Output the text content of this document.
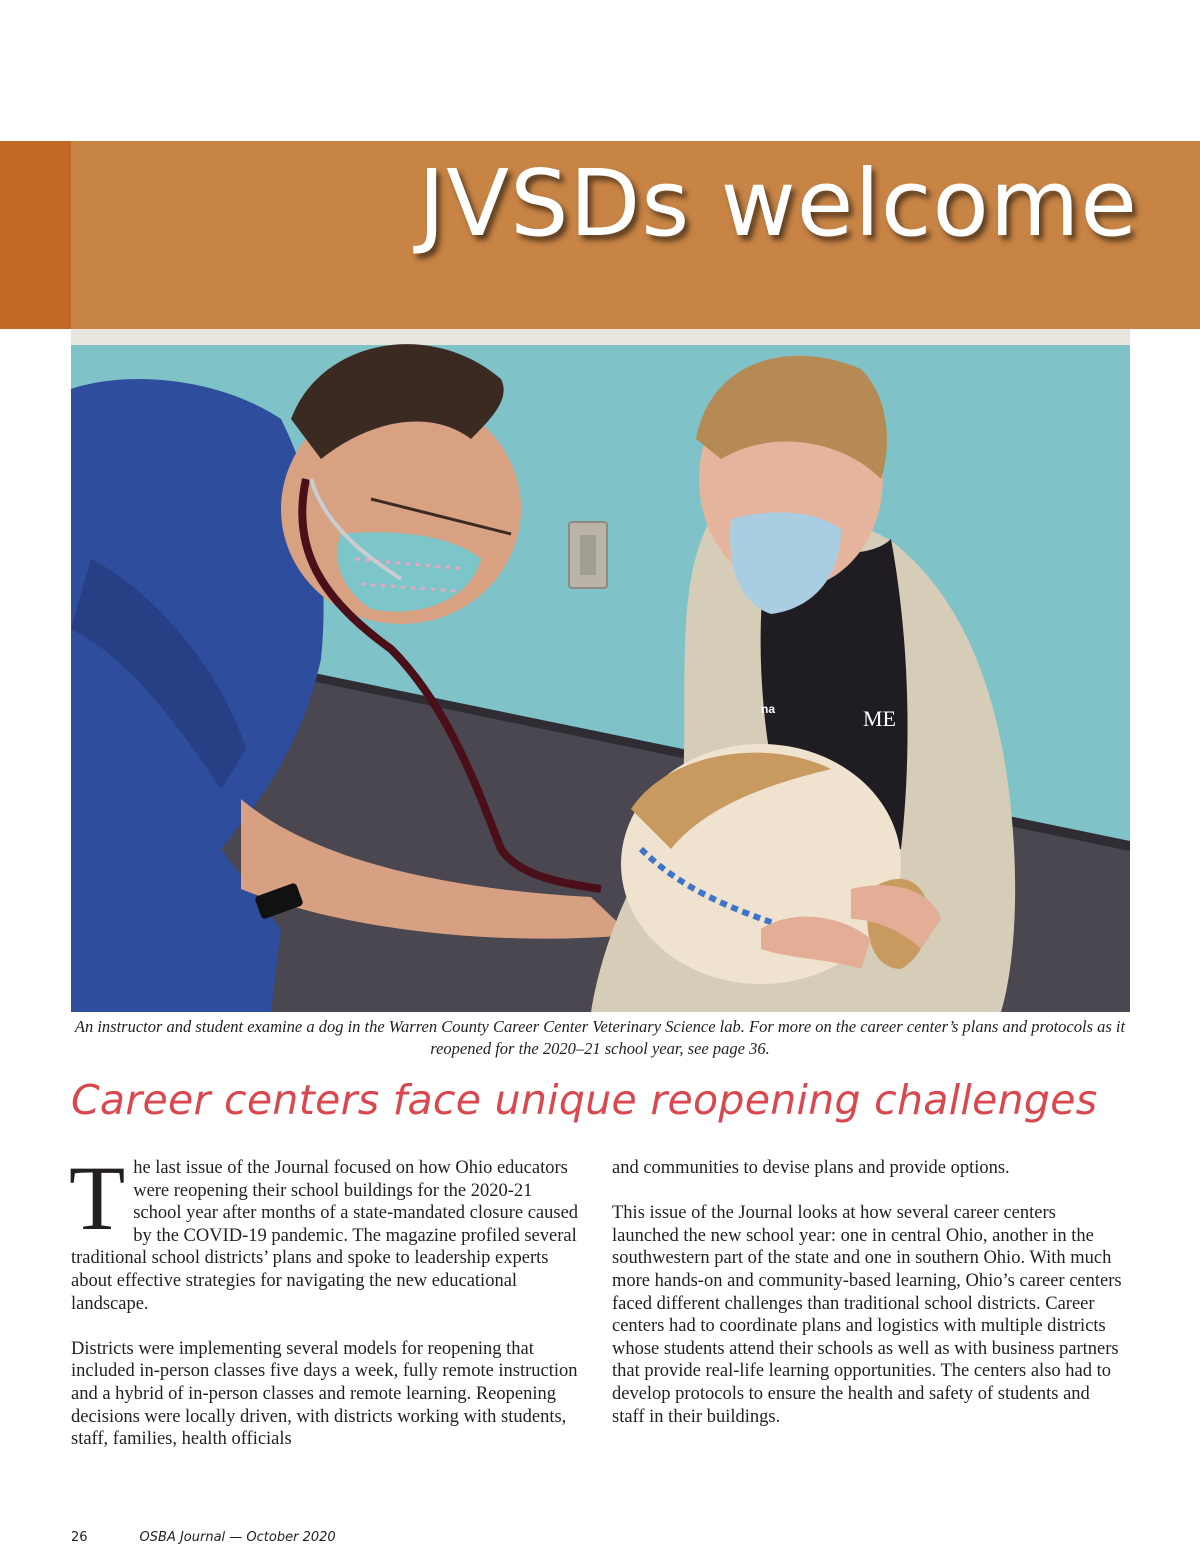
JVSDs welcome
ME
na

An instructor and student examine a dog in the Warren County Career Center Veterinary Science lab. For more on the career center’s plans and protocols as it reopened for the 2020–21 school year, see page 36.

Career centers face unique reopening challenges

The last issue of the Journal focused on how Ohio educators were reopening their school buildings for the 2020-21 school year after months of a state-mandated closure caused by the COVID-19 pandemic. The magazine profiled several traditional school districts’ plans and spoke to leadership experts about effective strategies for navigating the new educational landscape.

Districts were implementing several models for reopening that included in-person classes five days a week, fully remote instruction and a hybrid of in-person classes and remote learning. Reopening decisions were locally driven, with districts working with students, staff, families, health officials

and communities to devise plans and provide options.

This issue of the Journal looks at how several career centers launched the new school year: one in central Ohio, another in the southwestern part of the state and one in southern Ohio. With much more hands-on and community-based learning, Ohio’s career centers faced different challenges than traditional school districts. Career centers had to coordinate plans and logistics with multiple districts whose students attend their schools as well as with business partners that provide real-life learning opportunities. The centers also had to develop protocols to ensure the health and safety of students and staff in their buildings.

26	OSBA Journal — October 2020
